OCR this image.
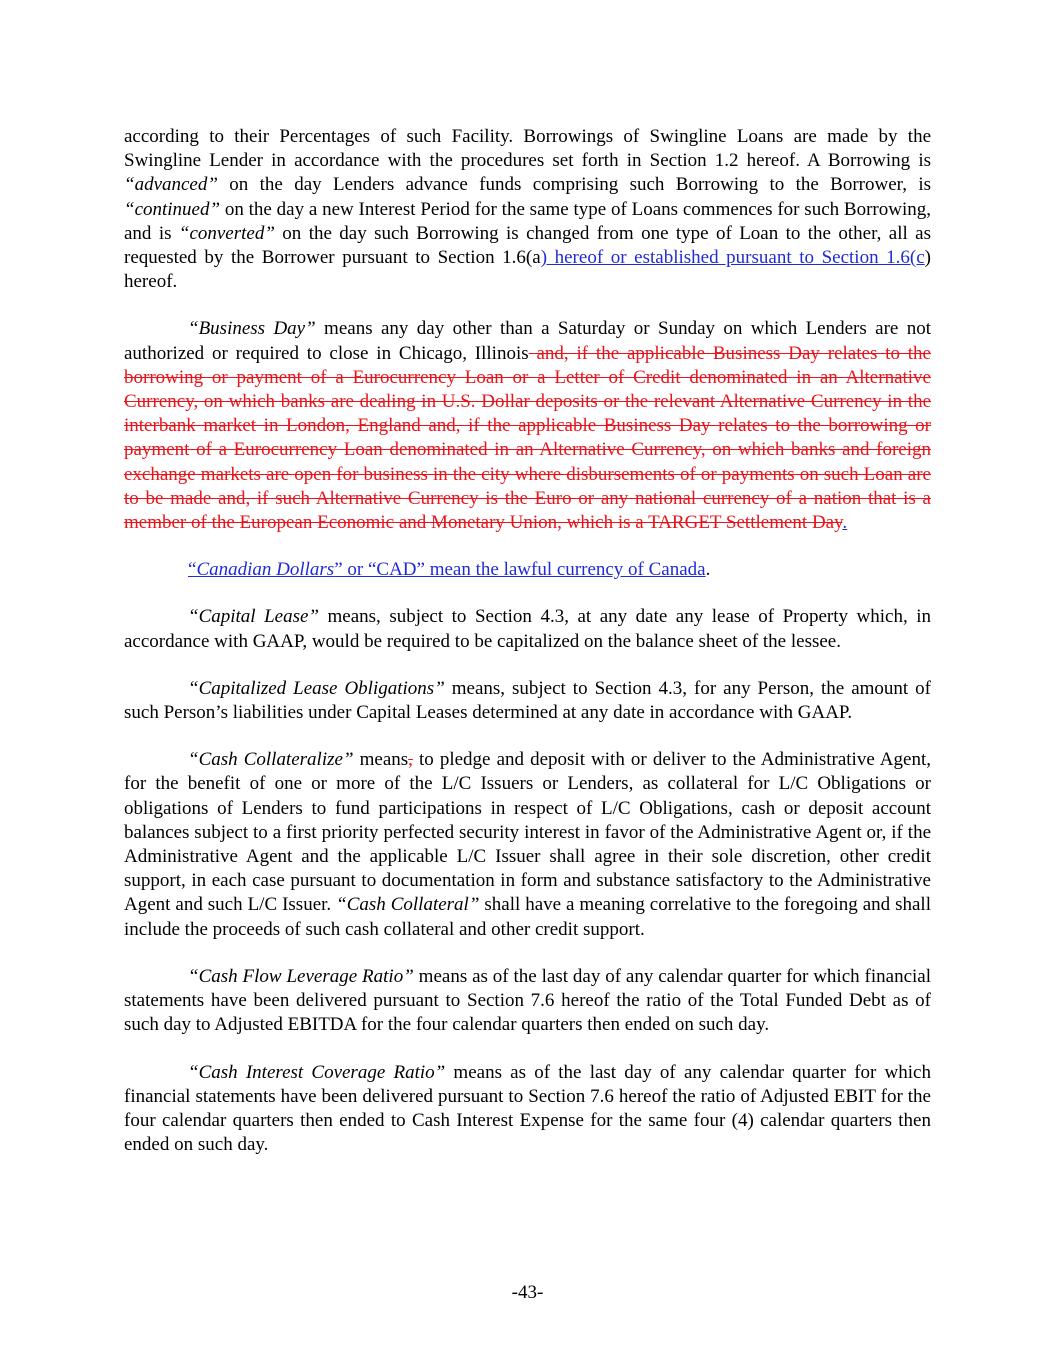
according to their Percentages of such Facility. Borrowings of Swingline Loans are made by the Swingline Lender in accordance with the procedures set forth in Section 1.2 hereof. A Borrowing is “advanced” on the day Lenders advance funds comprising such Borrowing to the Borrower, is “continued” on the day a new Interest Period for the same type of Loans commences for such Borrowing, and is “converted” on the day such Borrowing is changed from one type of Loan to the other, all as requested by the Borrower pursuant to Section 1.6(a) hereof or established pursuant to Section 1.6(c) hereof.

“Business Day” means any day other than a Saturday or Sunday on which Lenders are not authorized or required to close in Chicago, Illinois and, if the applicable Business Day relates to the borrowing or payment of a Eurocurrency Loan or a Letter of Credit denominated in an Alternative Currency, on which banks are dealing in U.S. Dollar deposits or the relevant Alternative Currency in the interbank market in London, England and, if the applicable Business Day relates to the borrowing or payment of a Eurocurrency Loan denominated in an Alternative Currency, on which banks and foreign exchange markets are open for business in the city where disbursements of or payments on such Loan are to be made and, if such Alternative Currency is the Euro or any national currency of a nation that is a member of the European Economic and Monetary Union, which is a TARGET Settlement Day.

“Canadian Dollars” or “CAD” mean the lawful currency of Canada.

“Capital Lease” means, subject to Section 4.3, at any date any lease of Property which, in accordance with GAAP, would be required to be capitalized on the balance sheet of the lessee.

“Capitalized Lease Obligations” means, subject to Section 4.3, for any Person, the amount of such Person’s liabilities under Capital Leases determined at any date in accordance with GAAP.

“Cash Collateralize” means, to pledge and deposit with or deliver to the Administrative Agent, for the benefit of one or more of the L/C Issuers or Lenders, as collateral for L/C Obligations or obligations of Lenders to fund participations in respect of L/C Obligations, cash or deposit account balances subject to a first priority perfected security interest in favor of the Administrative Agent or, if the Administrative Agent and the applicable L/C Issuer shall agree in their sole discretion, other credit support, in each case pursuant to documentation in form and substance satisfactory to the Administrative Agent and such L/C Issuer. “Cash Collateral” shall have a meaning correlative to the foregoing and shall include the proceeds of such cash collateral and other credit support.

“Cash Flow Leverage Ratio” means as of the last day of any calendar quarter for which financial statements have been delivered pursuant to Section 7.6 hereof the ratio of the Total Funded Debt as of such day to Adjusted EBITDA for the four calendar quarters then ended on such day.

“Cash Interest Coverage Ratio” means as of the last day of any calendar quarter for which financial statements have been delivered pursuant to Section 7.6 hereof the ratio of Adjusted EBIT for the four calendar quarters then ended to Cash Interest Expense for the same four (4) calendar quarters then ended on such day.

-43-
